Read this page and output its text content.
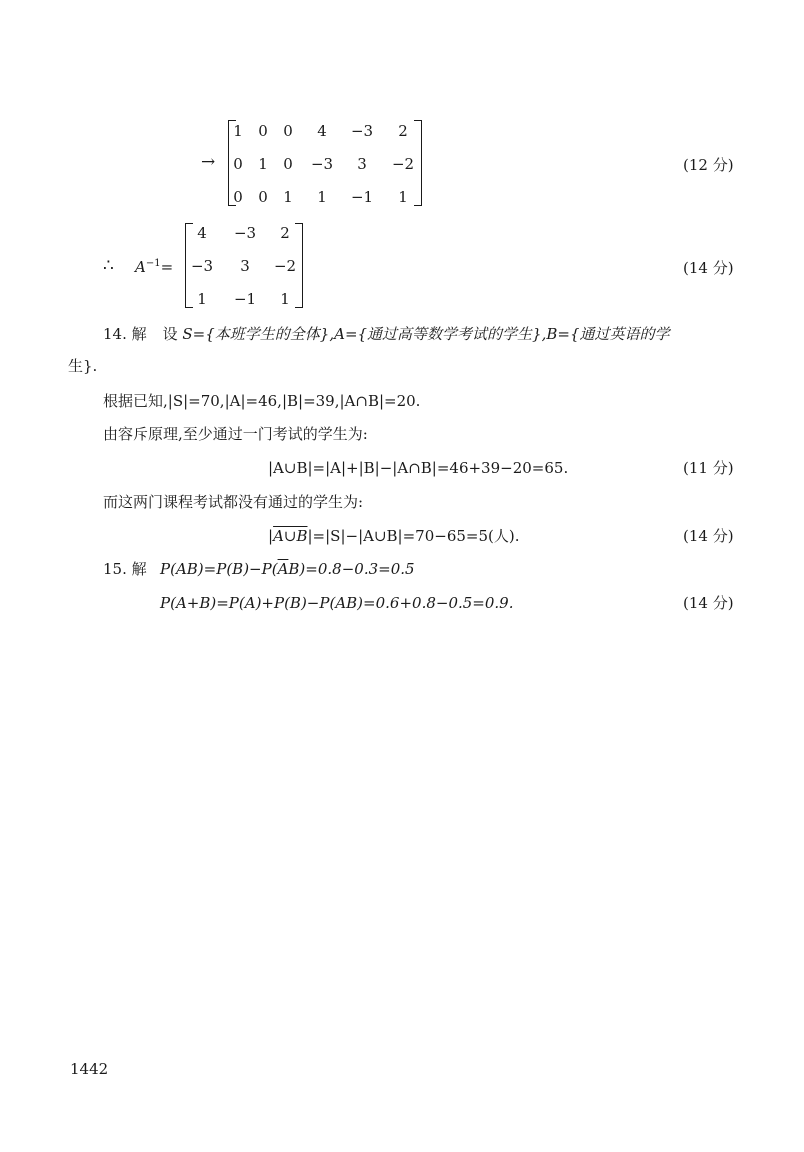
→
1	0	0	4	−3	2
0	1	0	−3	3	−2
0	0	1	1	−1	1
(12 分)
∴ $A^{-1}=$
4	−3	2
−3	3	−2
1	−1	1
(14 分)
14. 解 设 S={本班学生的全体},A={通过高等数学考试的学生},B={通过英语的学
生}.
根据已知,|S|=70,|A|=46,|B|=39,|A∩B|=20.
由容斥原理,至少通过一门考试的学生为:
|A∪B|=|A|+|B|−|A∩B|=46+39−20=65.	(11 分)
而这两门课程考试都没有通过的学生为:
|A∪B|=|S|−|A∪B|=70−65=5(人).	(14 分)
15. 解 $P(AB)=P(B)-P(\overline{A}B)=0.8-0.3=0.5$
P(A+B)=P(A)+P(B)−P(AB)=0.6+0.8−0.5=0.9.	(14 分)
1442
